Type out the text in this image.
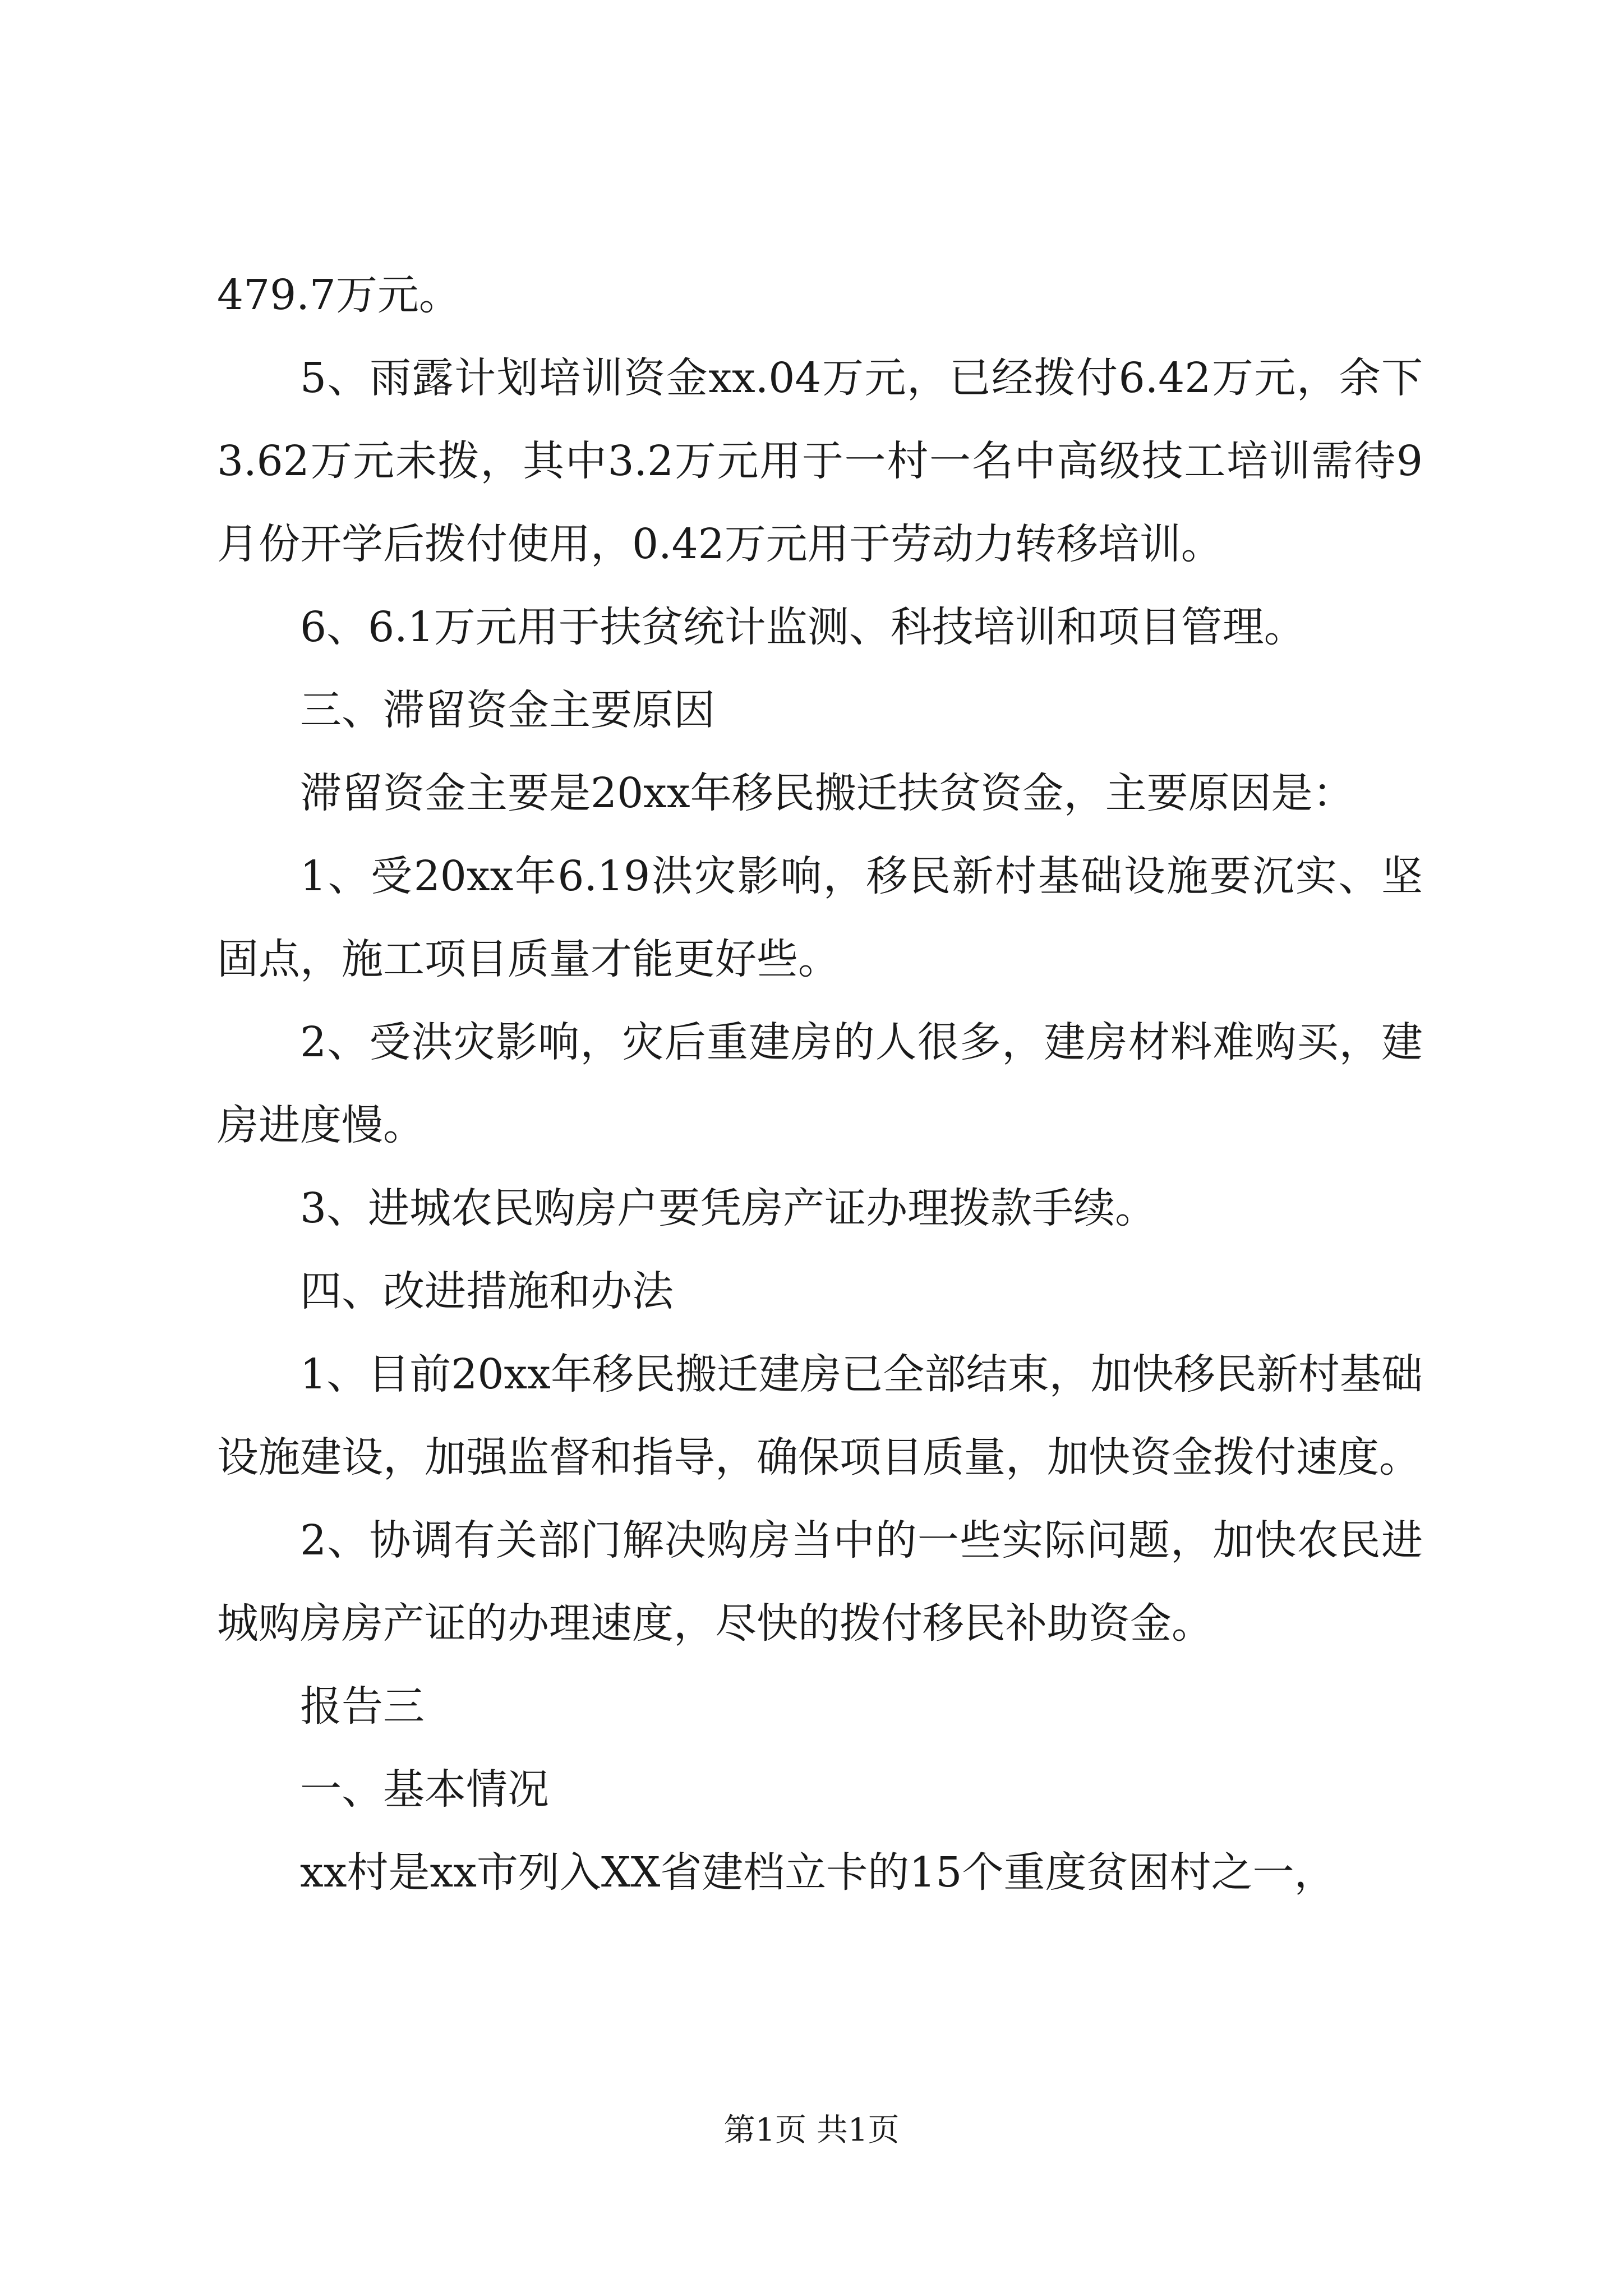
479.7万元。

5、雨露计划培训资金xx.04万元，已经拨付6.42万元，余下3.62万元未拨，其中3.2万元用于一村一名中高级技工培训需待9月份开学后拨付使用，0.42万元用于劳动力转移培训。

6、6.1万元用于扶贫统计监测、科技培训和项目管理。

三、滞留资金主要原因

滞留资金主要是20xx年移民搬迁扶贫资金，主要原因是：

1、受20xx年6.19洪灾影响，移民新村基础设施要沉实、坚固点，施工项目质量才能更好些。

2、受洪灾影响，灾后重建房的人很多，建房材料难购买，建房进度慢。

3、进城农民购房户要凭房产证办理拨款手续。

四、改进措施和办法

1、目前20xx年移民搬迁建房已全部结束，加快移民新村基础设施建设，加强监督和指导，确保项目质量，加快资金拨付速度。

2、协调有关部门解决购房当中的一些实际问题，加快农民进城购房房产证的办理速度，尽快的拨付移民补助资金。

报告三

一、基本情况

xx村是xx市列入XX省建档立卡的15个重度贫困村之一，

第1页 共1页
